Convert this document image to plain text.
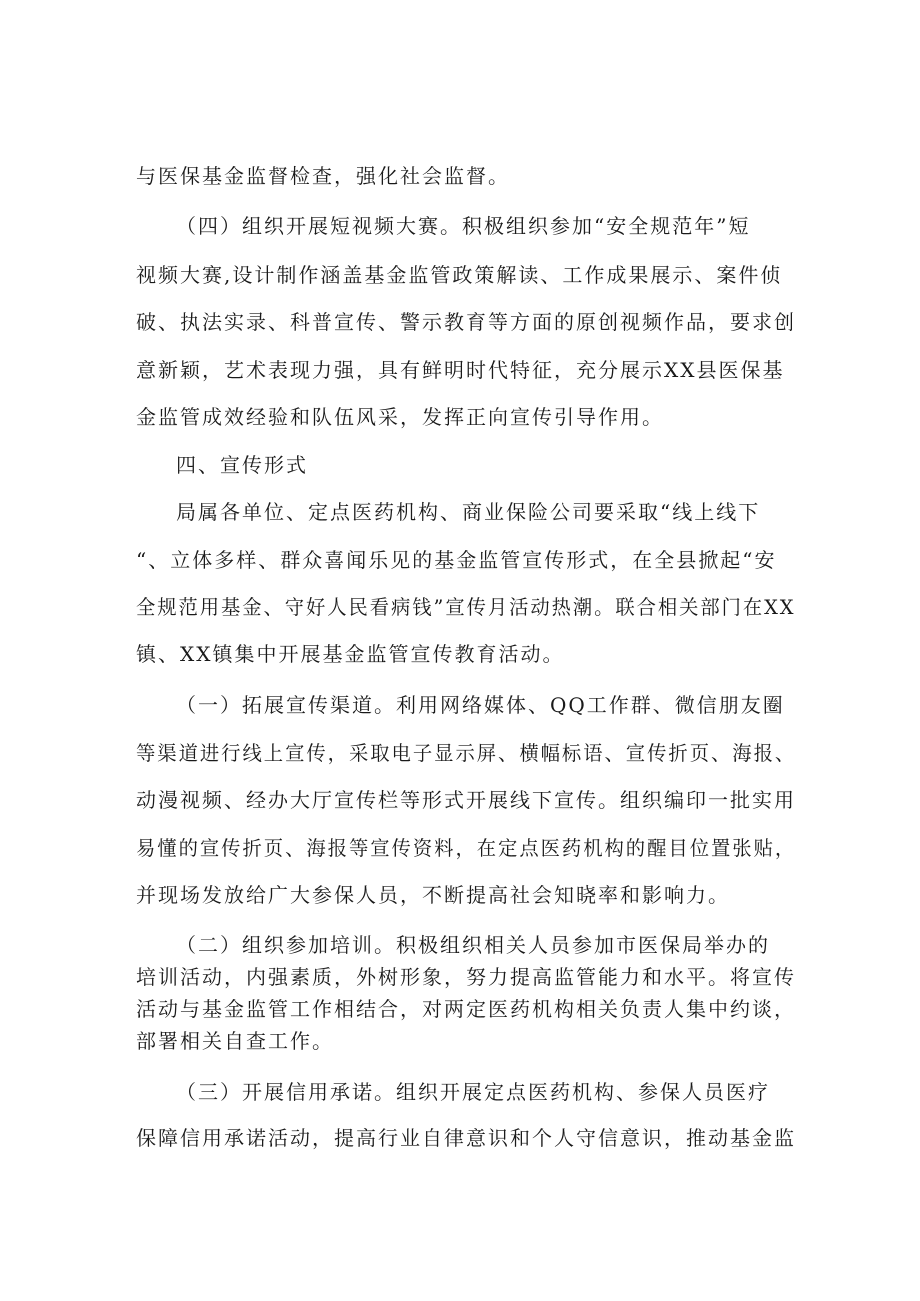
与医保基金监督检查，强化社会监督。
（四）组织开展短视频大赛。积极组织参加“安全规范年”短
视频大赛,设计制作涵盖基金监管政策解读、工作成果展示、案件侦
破、执法实录、科普宣传、警示教育等方面的原创视频作品，要求创
意新颖，艺术表现力强，具有鲜明时代特征，充分展示XX县医保基
金监管成效经验和队伍风采，发挥正向宣传引导作用。
四、宣传形式
局属各单位、定点医药机构、商业保险公司要采取“线上线下
“、立体多样、群众喜闻乐见的基金监管宣传形式，在全县掀起“安
全规范用基金、守好人民看病钱”宣传月活动热潮。联合相关部门在XX
镇、XX镇集中开展基金监管宣传教育活动。
（一）拓展宣传渠道。利用网络媒体、QQ工作群、微信朋友圈
等渠道进行线上宣传，采取电子显示屏、横幅标语、宣传折页、海报、
动漫视频、经办大厅宣传栏等形式开展线下宣传。组织编印一批实用
易懂的宣传折页、海报等宣传资料，在定点医药机构的醒目位置张贴，
并现场发放给广大参保人员，不断提高社会知晓率和影响力。
（二）组织参加培训。积极组织相关人员参加市医保局举办的
培训活动，内强素质，外树形象，努力提高监管能力和水平。将宣传
活动与基金监管工作相结合，对两定医药机构相关负责人集中约谈，
部署相关自查工作。
（三）开展信用承诺。组织开展定点医药机构、参保人员医疗
保障信用承诺活动，提高行业自律意识和个人守信意识，推动基金监
